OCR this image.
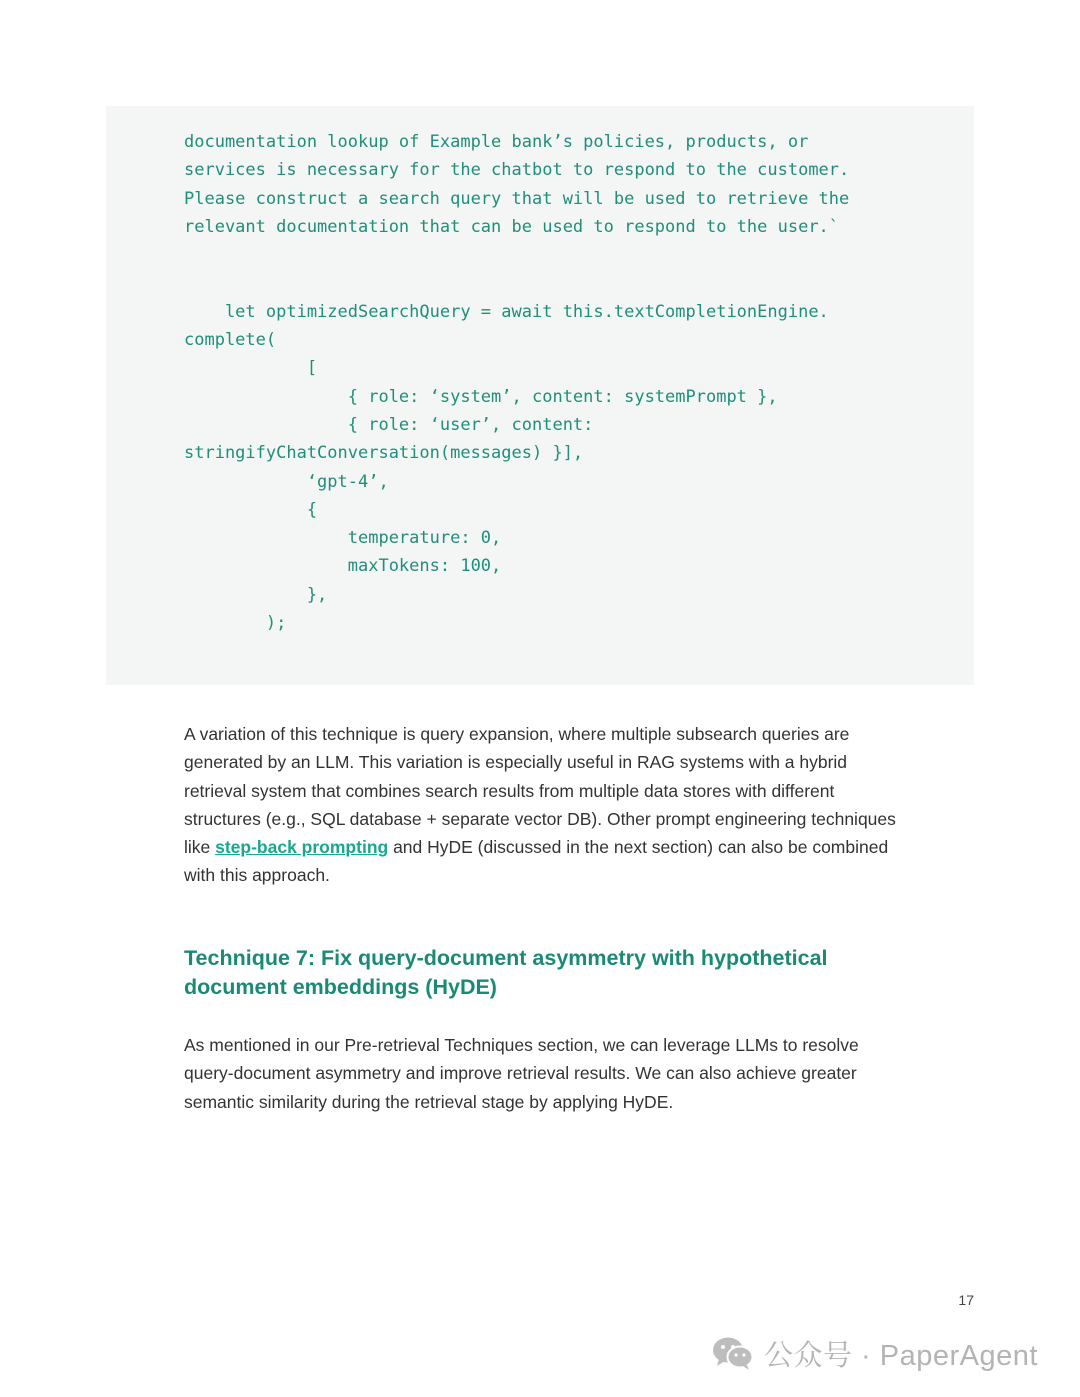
documentation lookup of Example bank’s policies, products, or
services is necessary for the chatbot to respond to the customer.
Please construct a search query that will be used to retrieve the
relevant documentation that can be used to respond to the user.`
let optimizedSearchQuery = await this.textCompletionEngine.
complete(
[
{ role: ‘system’, content: systemPrompt },
{ role: ‘user’, content:
stringifyChatConversation(messages) }],
‘gpt-4’,
{
temperature: 0,
maxTokens: 100,
},
);

A variation of this technique is query expansion, where multiple subsearch queries are generated by an LLM. This variation is especially useful in RAG systems with a hybrid retrieval system that combines search results from multiple data stores with different structures (e.g., SQL database + separate vector DB). Other prompt engineering techniques like step-back prompting and HyDE (discussed in the next section) can also be combined with this approach.

Technique 7: Fix query-document asymmetry with hypothetical document embeddings (HyDE)

As mentioned in our Pre-retrieval Techniques section, we can leverage LLMs to resolve query-document asymmetry and improve retrieval results. We can also achieve greater semantic similarity during the retrieval stage by applying HyDE.

17
公众号 · PaperAgent
